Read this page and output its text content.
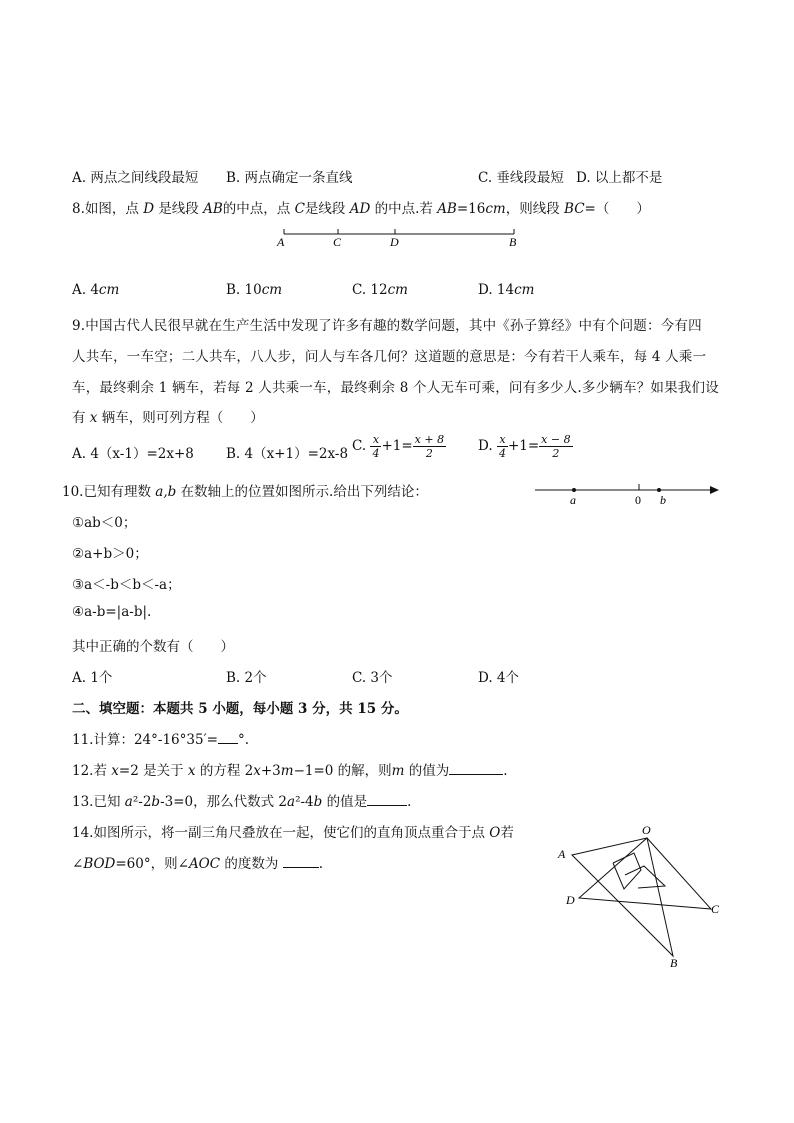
A. 两点之间线段最短 B. 两点确定一条直线	C. 垂线段最短 D. 以上都不是
8.如图，点 D 是线段 AB的中点，点 C是线段 AD 的中点.若 AB=16cm，则线段 BC=（　　）
A	C	D	B
A. 4cm	B. 10cm	C. 12cm	D. 14cm
9.中国古代人民很早就在生产生活中发现了许多有趣的数学问题，其中《孙子算经》中有个问题：今有四
人共车，一车空；二人共车，八人步，问人与车各几何？这道题的意思是：今有若干人乘车，每 4 人乘一
车，最终剩余 1 辆车，若每 2 人共乘一车，最终剩余 8 个人无车可乘，问有多少人.多少辆车？如果我们设
有 x 辆车，则可列方程（　　）
A. 4（x-1）=2x+8 B. 4（x+1）=2x-8 C. $\frac{x}{4} +1= \frac{x + 8}{2} D$. $\frac{x}{4} +1= \frac{x - 8}{2}$
10.已知有理数 a,b 在数轴上的位置如图所示.给出下列结论：	a	0 b
①ab＜0；
②a+b＞0；
③a＜-b＜b＜-a；
④a-b=|a-b|.
其中正确的个数有（　　）
A. 1个	B. 2个	C. 3个	D. 4个
二、填空题：本题共 5 小题，每小题 3 分，共 15 分。
11.计算：24°-16°35′= °.
12.若 x=2 是关于 x 的方程 2x+3m−1=0 的解，则m 的值为	.
13.已知 a²-2b-3=0，那么代数式 2a²-4b 的值是	.
14.如图所示，将一副三角尺叠放在一起，使它们的直角顶点重合于点 O若
∠BOD=60°，则∠AOC 的度数为	.
O
A
D
C
B
